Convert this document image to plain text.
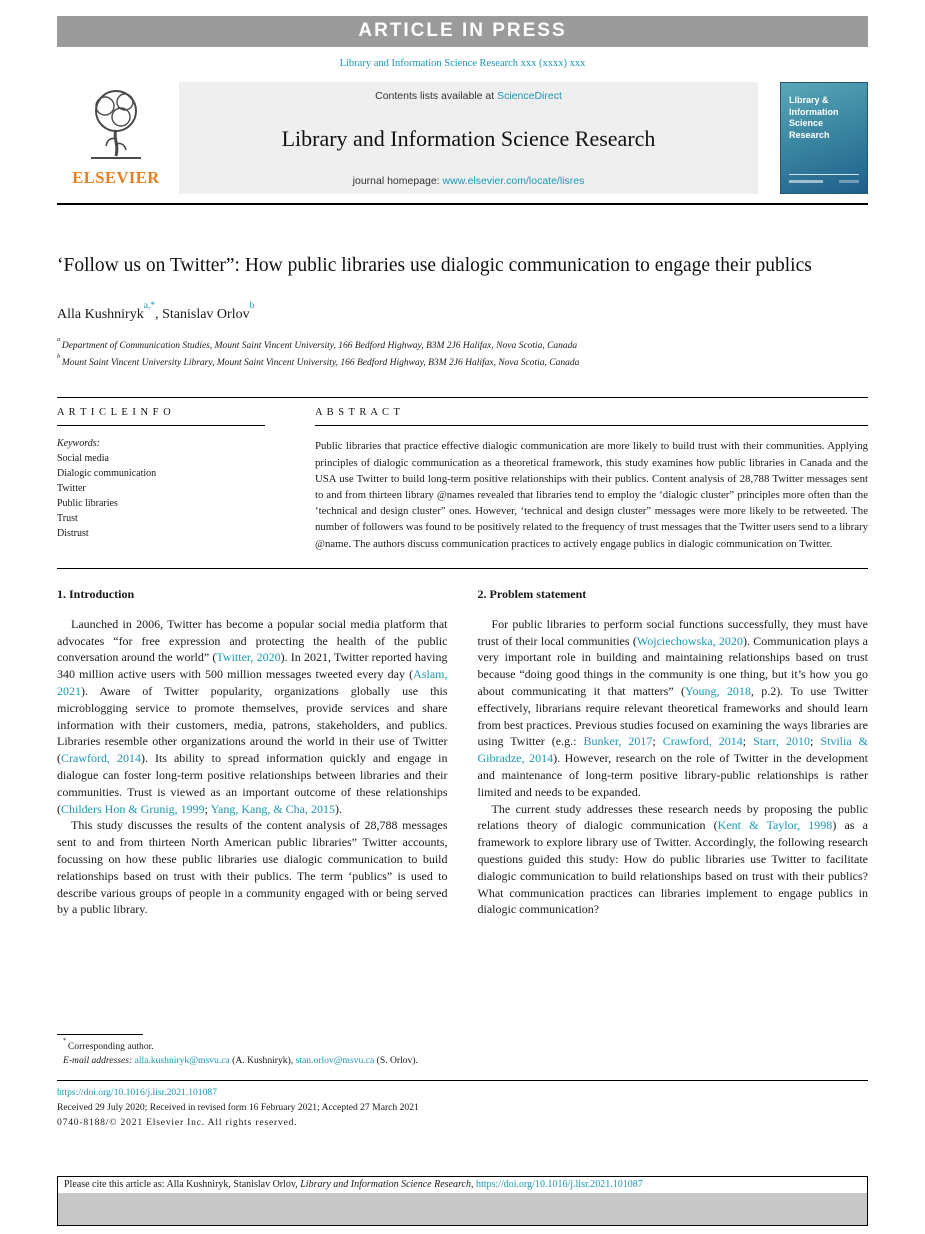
ARTICLE IN PRESS
Library and Information Science Research xxx (xxxx) xxx
ELSEVIER
Contents lists available at ScienceDirect
Library and Information Science Research
journal homepage: www.elsevier.com/locate/lisres
Library &
Information
Science
Research
‘Follow us on Twitter”: How public libraries use dialogic communication to engage their publics
Alla Kushniryk$^{a,*}$, Stanislav Orlov$^b$
$^a$ Department of Communication Studies, Mount Saint Vincent University, 166 Bedford Highway, B3M 2J6 Halifax, Nova Scotia, Canada
$^b$ Mount Saint Vincent University Library, Mount Saint Vincent University, 166 Bedford Highway, B3M 2J6 Halifax, Nova Scotia, Canada
A R T I C L E I N F O
Keywords:
Social media
Dialogic communication
Twitter
Public libraries
Trust
Distrust
A B S T R A C T
Public libraries that practice effective dialogic communication are more likely to build trust with their communities. Applying principles of dialogic communication as a theoretical framework, this study examines how public libraries in Canada and the USA use Twitter to build long-term positive relationships with their publics. Content analysis of 28,788 Twitter messages sent to and from thirteen library @names revealed that libraries tend to employ the ‘dialogic cluster” principles more often than the ‘technical and design cluster” ones. However, ‘technical and design cluster” messages were more likely to be retweeted. The number of followers was found to be positively related to the frequency of trust messages that the Twitter users send to a library @name. The authors discuss communication practices to actively engage publics in dialogic communication on Twitter.
1. Introduction

Launched in 2006, Twitter has become a popular social media platform that advocates “for free expression and protecting the health of the public conversation around the world” (Twitter, 2020). In 2021, Twitter reported having 340 million active users with 500 million messages tweeted every day (Aslam, 2021). Aware of Twitter popularity, organizations globally use this microblogging service to promote themselves, provide services and share information with their customers, media, patrons, stakeholders, and publics. Libraries resemble other organizations around the world in their use of Twitter (Crawford, 2014). Its ability to spread information quickly and engage in dialogue can foster long-term positive relationships between libraries and their communities. Trust is viewed as an important outcome of these relationships (Childers Hon & Grunig, 1999; Yang, Kang, & Cha, 2015).

This study discusses the results of the content analysis of 28,788 messages sent to and from thirteen North American public libraries” Twitter accounts, focussing on how these public libraries use dialogic communication to build relationships based on trust with their publics. The term ‘publics” is used to describe various groups of people in a community engaged with or being served by a public library.

2. Problem statement

For public libraries to perform social functions successfully, they must have trust of their local communities (Wojciechowska, 2020). Communication plays a very important role in building and maintaining relationships based on trust because “doing good things in the community is one thing, but it’s how you go about communicating it that matters” (Young, 2018, p.2). To use Twitter effectively, librarians require relevant theoretical frameworks and should learn from best practices. Previous studies focused on examining the ways libraries are using Twitter (e.g.: Bunker, 2017; Crawford, 2014; Starr, 2010; Stvilia & Gibradze, 2014). However, research on the role of Twitter in the development and maintenance of long-term positive library-public relationships is rather limited and needs to be expanded.

The current study addresses these research needs by proposing the public relations theory of dialogic communication (Kent & Taylor, 1998) as a framework to explore library use of Twitter. Accordingly, the following research questions guided this study: How do public libraries use Twitter to facilitate dialogic communication to build relationships based on trust with their publics? What communication practices can libraries implement to engage publics in dialogic communication?

* Corresponding author.
E-mail addresses: alla.kushniryk@msvu.ca (A. Kushniryk), stan.orlov@msvu.ca (S. Orlov).
https://doi.org/10.1016/j.lisr.2021.101087
Received 29 July 2020; Received in revised form 16 February 2021; Accepted 27 March 2021
0740-8188/© 2021 Elsevier Inc. All rights reserved.
Please cite this article as: Alla Kushniryk, Stanislav Orlov, Library and Information Science Research, https://doi.org/10.1016/j.lisr.2021.101087
